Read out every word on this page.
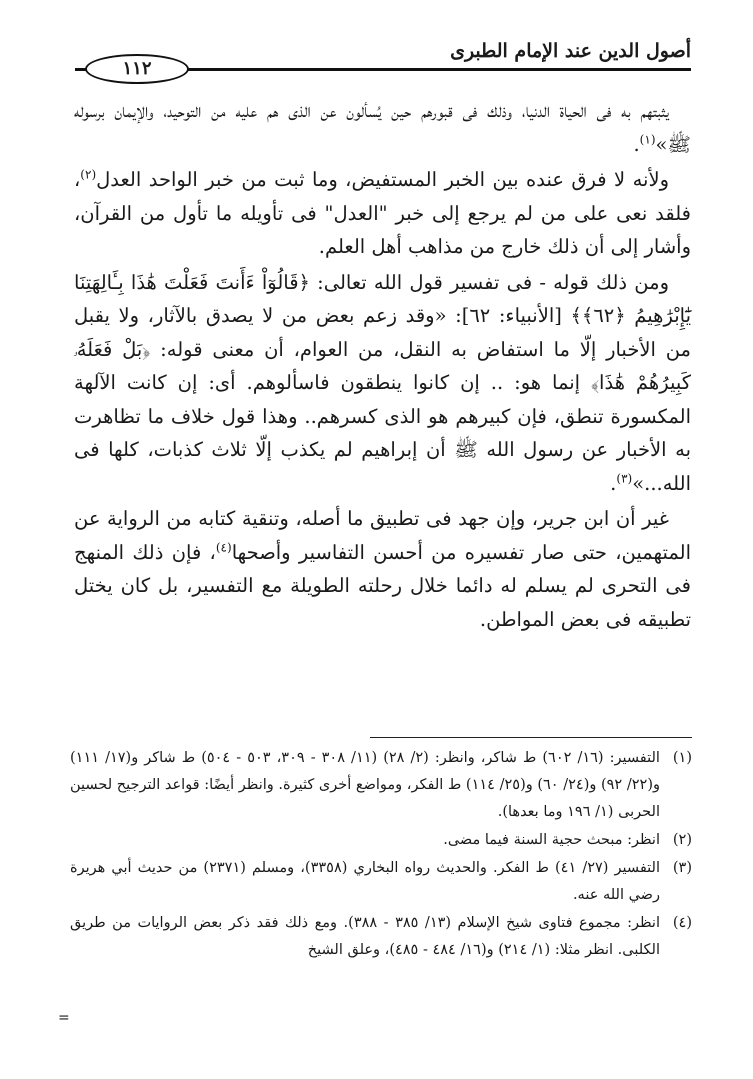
أصول الدين عند الإمام الطبرى
١١٢

يثبتهم به فى الحياة الدنيا، وذلك فى قبورهم حين يُسألون عن الذى هم عليه من التوحيد، والإيمان برسوله ﷺ»$^{(١)}$.

ولأنه لا فرق عنده بين الخبر المستفيض، وما ثبت من خبر الواحد العدل$^{(٢)}$، فلقد نعى على من لم يرجع إلى خبر "العدل" فى تأويله ما تأول من القرآن، وأشار إلى أن ذلك خارج من مذاهب أهل العلم.

ومن ذلك قوله - فى تفسير قول الله تعالى: ﴿قَالُوٓاْ ءَأَنتَ فَعَلْتَ هَٰذَا بِـَٔالِهَتِنَا يَٰٓإِبْرَٰهِيمُ ﴿٦٢﴾﴾ [الأنبياء: ٦٢]: «وقد زعم بعض من لا يصدق بالآثار، ولا يقبل من الأخبار إلّا ما استفاض به النقل، من العوام، أن معنى قوله: ﴿بَلْ فَعَلَهُۥ كَبِيرُهُمْ هَٰذَا﴾ إنما هو: .. إن كانوا ينطقون فاسألوهم. أى: إن كانت الآلهة المكسورة تنطق، فإن كبيرهم هو الذى كسرهم.. وهذا قول خلاف ما تظاهرت به الأخبار عن رسول الله ﷺ أن إبراهيم لم يكذب إلّا ثلاث كذبات، كلها فى الله...»$^{(٣)}$.

غير أن ابن جرير، وإن جهد فى تطبيق ما أصله، وتنقية كتابه من الرواية عن المتهمين، حتى صار تفسيره من أحسن التفاسير وأصحها$^{(٤)}$، فإن ذلك المنهج فى التحرى لم يسلم له دائما خلال رحلته الطويلة مع التفسير، بل كان يختل تطبيقه فى بعض المواطن.

(١)
التفسير: (١٦/ ٦٠٢) ط شاكر، وانظر: (٢/ ٢٨) (١١/ ٣٠٨ - ٣٠٩، ٥٠٣ - ٥٠٤) ط شاكر و(١٧/ ١١١) و(٢٢/ ٩٢) و(٢٤/ ٦٠) و(٢٥/ ١١٤) ط الفكر، ومواضع أخرى كثيرة. وانظر أيضًا: قواعد الترجيح لحسين الحربى (١/ ١٩٦ وما بعدها).
(٢)
انظر: مبحث حجية السنة فيما مضى.
(٣)
التفسير (٢٧/ ٤١) ط الفكر. والحديث رواه البخاري (٣٣٥٨)، ومسلم (٢٣٧١) من حديث أبي هريرة رضي الله عنه.
(٤)
انظر: مجموع فتاوى شيخ الإسلام (١٣/ ٣٨٥ - ٣٨٨). ومع ذلك فقد ذكر بعض الروايات من طريق الكلبى. انظر مثلا: (١/ ٢١٤) و(١٦/ ٤٨٤ - ٤٨٥)، وعلق الشيخ
=
